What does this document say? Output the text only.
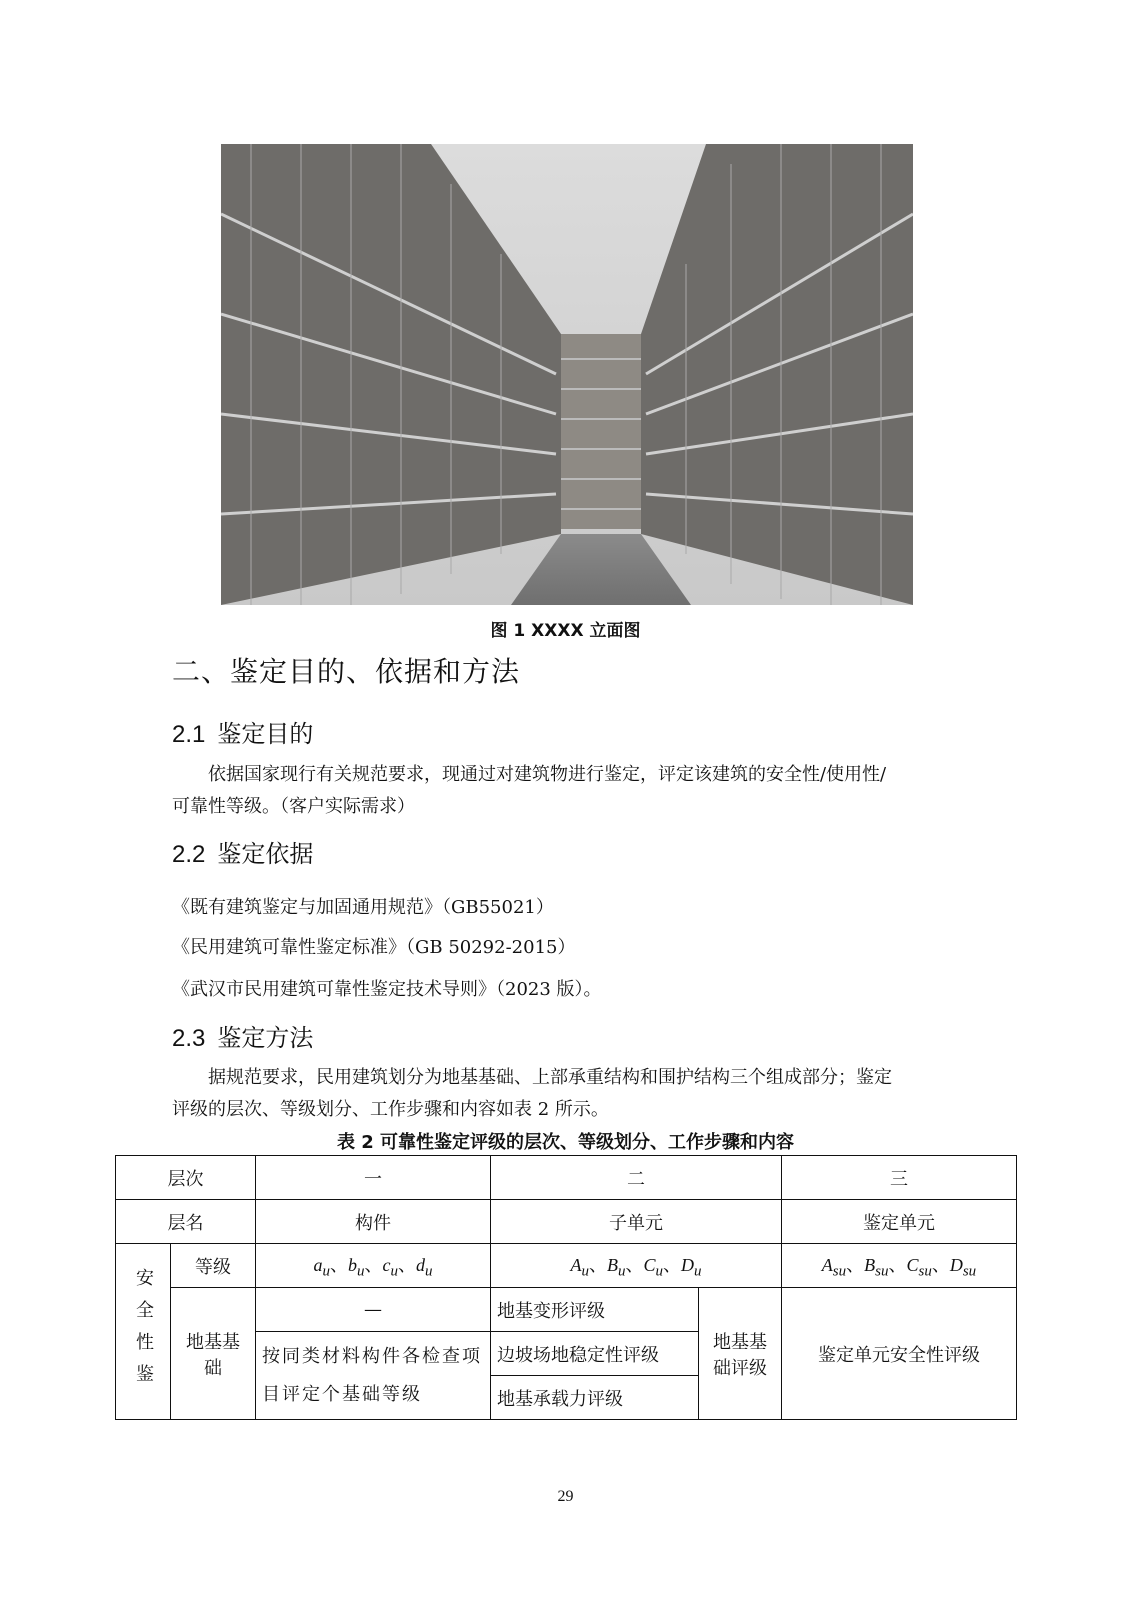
图 1 XXXX 立面图
二、鉴定目的、依据和方法
2.1 鉴定目的
依据国家现行有关规范要求，现通过对建筑物进行鉴定，评定该建筑的安全性/使用性/
可靠性等级。（客户实际需求）
2.2 鉴定依据
《既有建筑鉴定与加固通用规范》（GB55021）
《民用建筑可靠性鉴定标准》（GB 50292-2015）
《武汉市民用建筑可靠性鉴定技术导则》（2023 版）。
2.3 鉴定方法
据规范要求，民用建筑划分为地基基础、上部承重结构和围护结构三个组成部分；鉴定
评级的层次、等级划分、工作步骤和内容如表 2 所示。
表 2 可靠性鉴定评级的层次、等级划分、工作步骤和内容
层次		一	二		三
层名		构件	子单元		鉴定单元
安全性鉴	等级	$a_u$、$b_u$、$c_u$、$d_u$	$A_u$、$B_u$、$C_u$、$D_u$		$A_{su}$、$B_{su}$、$C_{su}$、$D_{su}$
	地基基础	—	地基变形评级	地基基础评级	鉴定单元安全性评级
		按同类材料构件各检查项目评定个基础等级	边坡场地稳定性评级		
			地基承载力评级		
29
